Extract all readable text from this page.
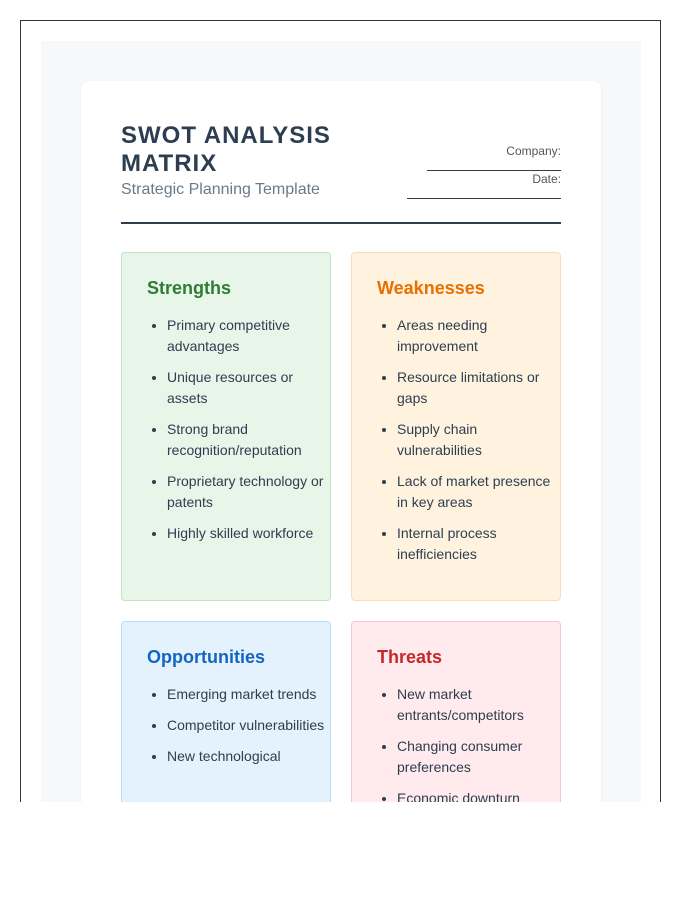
SWOT ANALYSIS MATRIX
Strategic Planning Template
Company:
Date:
Strengths
• Primary competitive advantages
• Unique resources or assets
• Strong brand recognition/reputation
• Proprietary technology or patents
• Highly skilled workforce
Weaknesses
• Areas needing improvement
• Resource limitations or gaps
• Supply chain vulnerabilities
• Lack of market presence in key areas
• Internal process inefficiencies
Opportunities
• Emerging market trends
• Competitor vulnerabilities
• New technological
Threats
• New market entrants/competitors
• Changing consumer preferences
• Economic downturn
